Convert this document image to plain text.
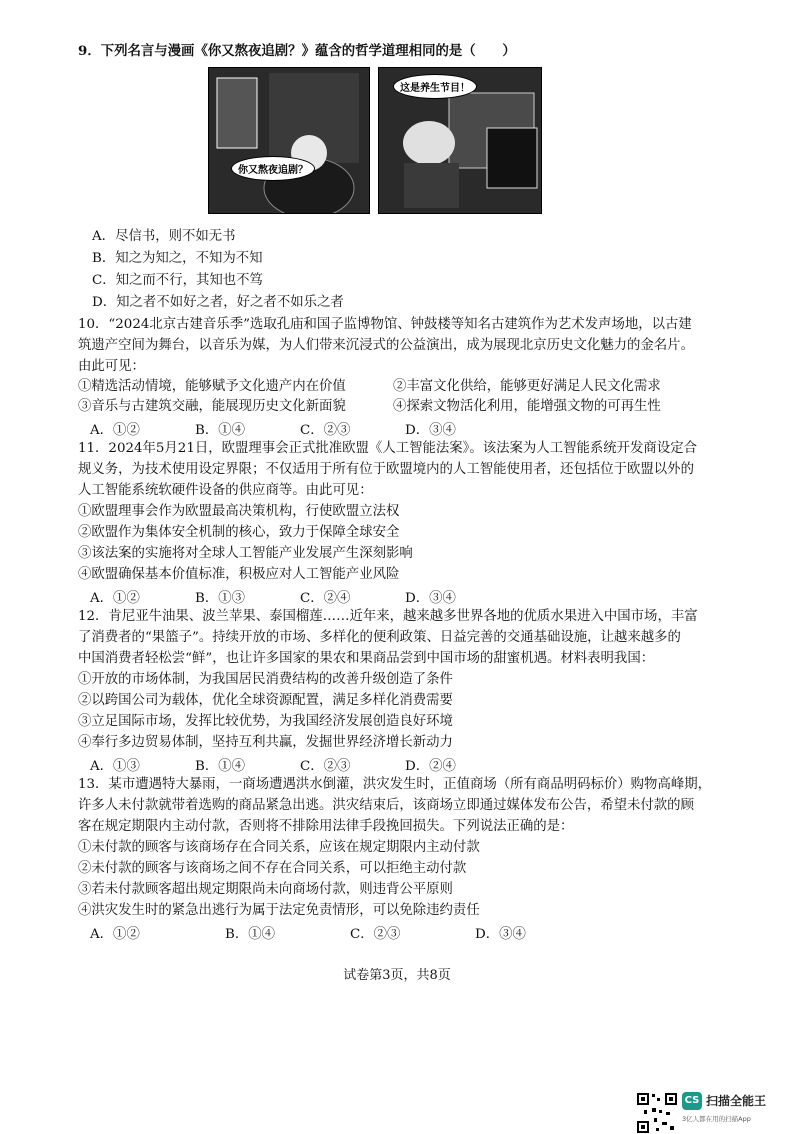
9．下列名言与漫画《你又熬夜追剧？》蕴含的哲学道理相同的是（　　）
你又熬夜追剧？
这是养生节目！
A．尽信书，则不如无书
B．知之为知之，不知为不知
C．知之而不行，其知也不笃
D．知之者不如好之者，好之者不如乐之者
10．“2024北京古建音乐季”选取孔庙和国子监博物馆、钟鼓楼等知名古建筑作为艺术发声场地，以古建
筑遗产空间为舞台，以音乐为媒，为人们带来沉浸式的公益演出，成为展现北京历史文化魅力的金名片。
由此可见：
①精选活动情境，能够赋予文化遗产内在价值	②丰富文化供给，能够更好满足人民文化需求
③音乐与古建筑交融，能展现历史文化新面貌	④探索文物活化利用，能增强文物的可再生性
A．①②	B．①④	C．②③	D．③④
11．2024年5月21日，欧盟理事会正式批准欧盟《人工智能法案》。该法案为人工智能系统开发商设定合
规义务，为技术使用设定界限；不仅适用于所有位于欧盟境内的人工智能使用者，还包括位于欧盟以外的
人工智能系统软硬件设备的供应商等。由此可见：
①欧盟理事会作为欧盟最高决策机构，行使欧盟立法权
②欧盟作为集体安全机制的核心，致力于保障全球安全
③该法案的实施将对全球人工智能产业发展产生深刻影响
④欧盟确保基本价值标准，积极应对人工智能产业风险
A．①②	B．①③	C．②④	D．③④
12．肯尼亚牛油果、波兰苹果、泰国榴莲……近年来，越来越多世界各地的优质水果进入中国市场，丰富
了消费者的“果篮子”。持续开放的市场、多样化的便利政策、日益完善的交通基础设施，让越来越多的
中国消费者轻松尝“鲜”，也让许多国家的果农和果商品尝到中国市场的甜蜜机遇。材料表明我国：
①开放的市场体制，为我国居民消费结构的改善升级创造了条件
②以跨国公司为载体，优化全球资源配置，满足多样化消费需要
③立足国际市场，发挥比较优势，为我国经济发展创造良好环境
④奉行多边贸易体制，坚持互利共赢，发掘世界经济增长新动力
A．①③	B．①④	C．②③	D．②④
13．某市遭遇特大暴雨，一商场遭遇洪水倒灌，洪灾发生时，正值商场（所有商品明码标价）购物高峰期，
许多人未付款就带着选购的商品紧急出逃。洪灾结束后，该商场立即通过媒体发布公告，希望未付款的顾
客在规定期限内主动付款，否则将不排除用法律手段挽回损失。下列说法正确的是：
①未付款的顾客与该商场存在合同关系，应该在规定期限内主动付款
②未付款的顾客与该商场之间不存在合同关系，可以拒绝主动付款
③若未付款顾客超出规定期限尚未向商场付款，则违背公平原则
④洪灾发生时的紧急出逃行为属于法定免责情形，可以免除违约责任
A．①②	B．①④	C．②③	D．③④
试卷第3页，共8页
CS 扫描全能王
3亿人都在用的扫描App
